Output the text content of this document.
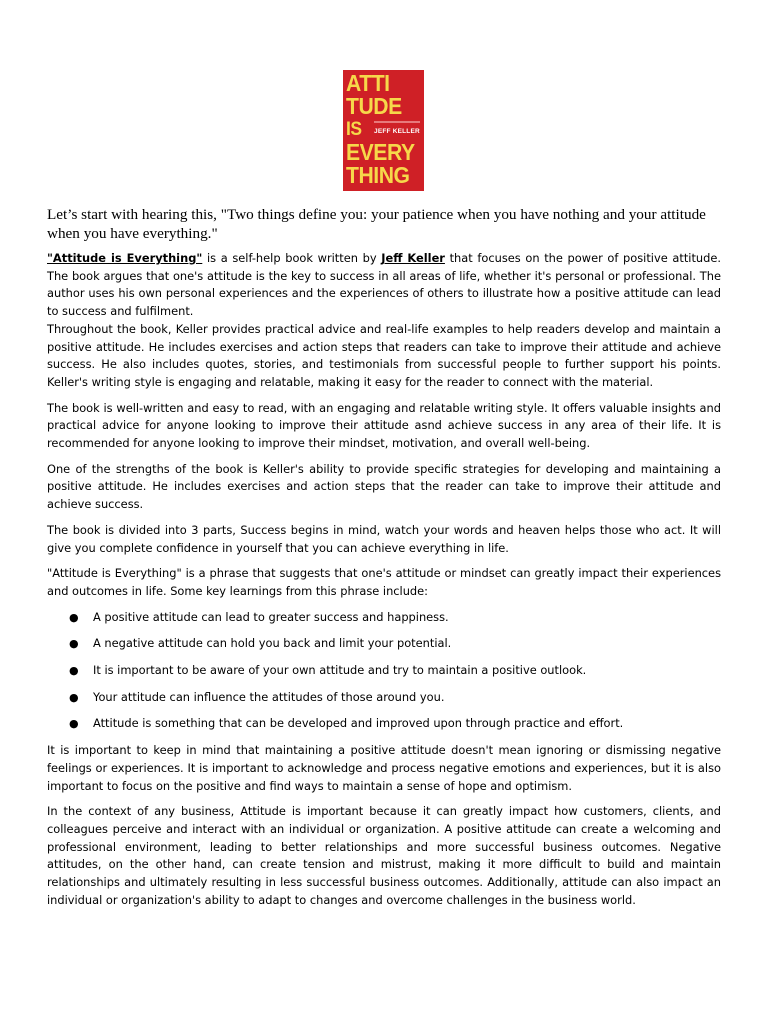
ATTI
TUDE
IS JEFF KELLER
EVERY
THING
Let’s start with hearing this, "Two things define you: your patience when you have nothing and your attitude when you have everything."

"Attitude is Everything" is a self-help book written by Jeff Keller that focuses on the power of positive attitude. The book argues that one's attitude is the key to success in all areas of life, whether it's personal or professional. The author uses his own personal experiences and the experiences of others to illustrate how a positive attitude can lead to success and fulfilment.

Throughout the book, Keller provides practical advice and real-life examples to help readers develop and maintain a positive attitude. He includes exercises and action steps that readers can take to improve their attitude and achieve success. He also includes quotes, stories, and testimonials from successful people to further support his points. Keller's writing style is engaging and relatable, making it easy for the reader to connect with the material.

The book is well-written and easy to read, with an engaging and relatable writing style. It offers valuable insights and practical advice for anyone looking to improve their attitude asnd achieve success in any area of their life. It is recommended for anyone looking to improve their mindset, motivation, and overall well-being.

One of the strengths of the book is Keller's ability to provide specific strategies for developing and maintaining a positive attitude. He includes exercises and action steps that the reader can take to improve their attitude and achieve success.

The book is divided into 3 parts, Success begins in mind, watch your words and heaven helps those who act. It will give you complete confidence in yourself that you can achieve everything in life.

"Attitude is Everything" is a phrase that suggests that one's attitude or mindset can greatly impact their experiences and outcomes in life. Some key learnings from this phrase include:

● A positive attitude can lead to greater success and happiness.
● A negative attitude can hold you back and limit your potential.
● It is important to be aware of your own attitude and try to maintain a positive outlook.
● Your attitude can influence the attitudes of those around you.
● Attitude is something that can be developed and improved upon through practice and effort.

It is important to keep in mind that maintaining a positive attitude doesn't mean ignoring or dismissing negative feelings or experiences. It is important to acknowledge and process negative emotions and experiences, but it is also important to focus on the positive and find ways to maintain a sense of hope and optimism.

In the context of any business, Attitude is important because it can greatly impact how customers, clients, and colleagues perceive and interact with an individual or organization. A positive attitude can create a welcoming and professional environment, leading to better relationships and more successful business outcomes. Negative attitudes, on the other hand, can create tension and mistrust, making it more difficult to build and maintain relationships and ultimately resulting in less successful business outcomes. Additionally, attitude can also impact an individual or organization's ability to adapt to changes and overcome challenges in the business world.
